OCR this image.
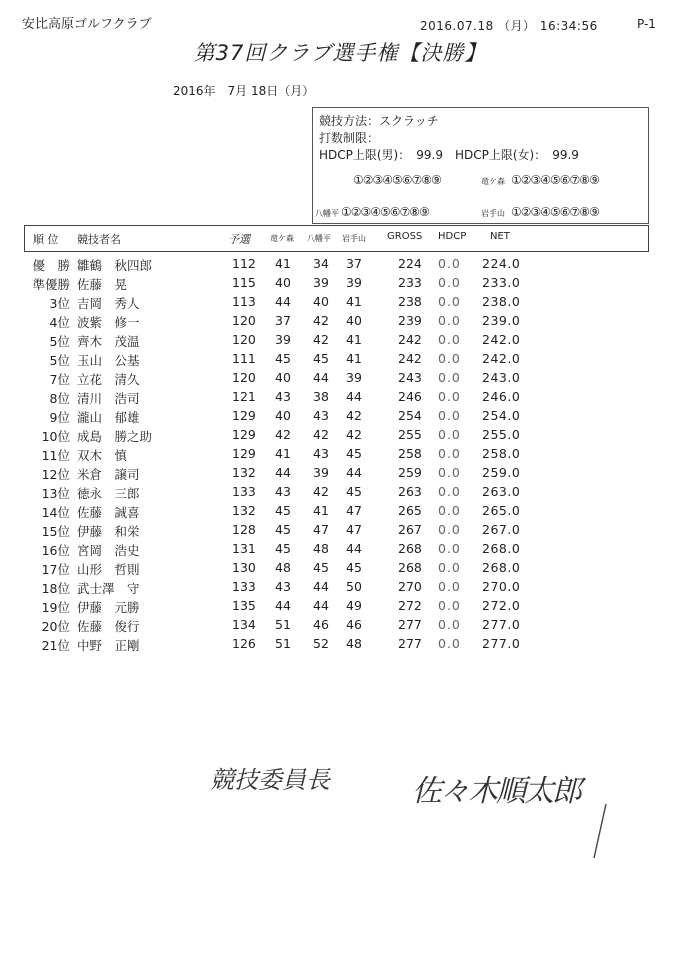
安比高原ゴルフクラブ	2016.07.18 （月） 16:34:56	P-1
第37回クラブ選手権【決勝】
2016年　7月 18日（月）
競技方法：スクラッチ
打数制限：
HDCP上限(男)：　99.9　HDCP上限(女)：　99.9
①②③④⑤⑥⑦⑧⑨	竜ケ森 ①②③④⑤⑥⑦⑧⑨
八幡平 ①②③④⑤⑥⑦⑧⑨	岩手山 ①②③④⑤⑥⑦⑧⑨
順 位 競技者名	予選	竜ケ森 八幡平 岩手山 GROSS HDCP NET
優　勝 雛鶴　秋四郎	112 41 34 37	224 0.0 224.0
準優勝 佐藤　晃	115 40 39 39	233 0.0 233.0
3位 吉岡　秀人	113 44 40 41	238 0.0 238.0
4位 波紫　修一	120 37 42 40	239 0.0 239.0
5位 齊木　茂温	120 39 42 41	242 0.0 242.0
5位 玉山　公基	111 45 45 41	242 0.0 242.0
7位 立花　清久	120 40 44 39	243 0.0 243.0
8位 清川　浩司	121 43 38 44	246 0.0 246.0
9位 瀧山　郁雄	129 40 43 42	254 0.0 254.0
10位 成島　勝之助	129 42 42 42	255 0.0 255.0
11位 双木　慎	129 41 43 45	258 0.0 258.0
12位 米倉　譲司	132 44 39 44	259 0.0 259.0
13位 徳永　三郎	133 43 42 45	263 0.0 263.0
14位 佐藤　誠喜	132 45 41 47	265 0.0 265.0
15位 伊藤　和栄	128 45 47 47	267 0.0 267.0
16位 宮岡　浩史	131 45 48 44	268 0.0 268.0
17位 山形　哲則	130 48 45 45	268 0.0 268.0
18位 武士澤　守	133 43 44 50	270 0.0 270.0
19位 伊藤　元勝	135 44 44 49	272 0.0 272.0
20位 佐藤　俊行	134 51 46 46	277 0.0 277.0
21位 中野　正剛	126 51 52 48	277 0.0 277.0
競技委員長	佐々木順太郎
